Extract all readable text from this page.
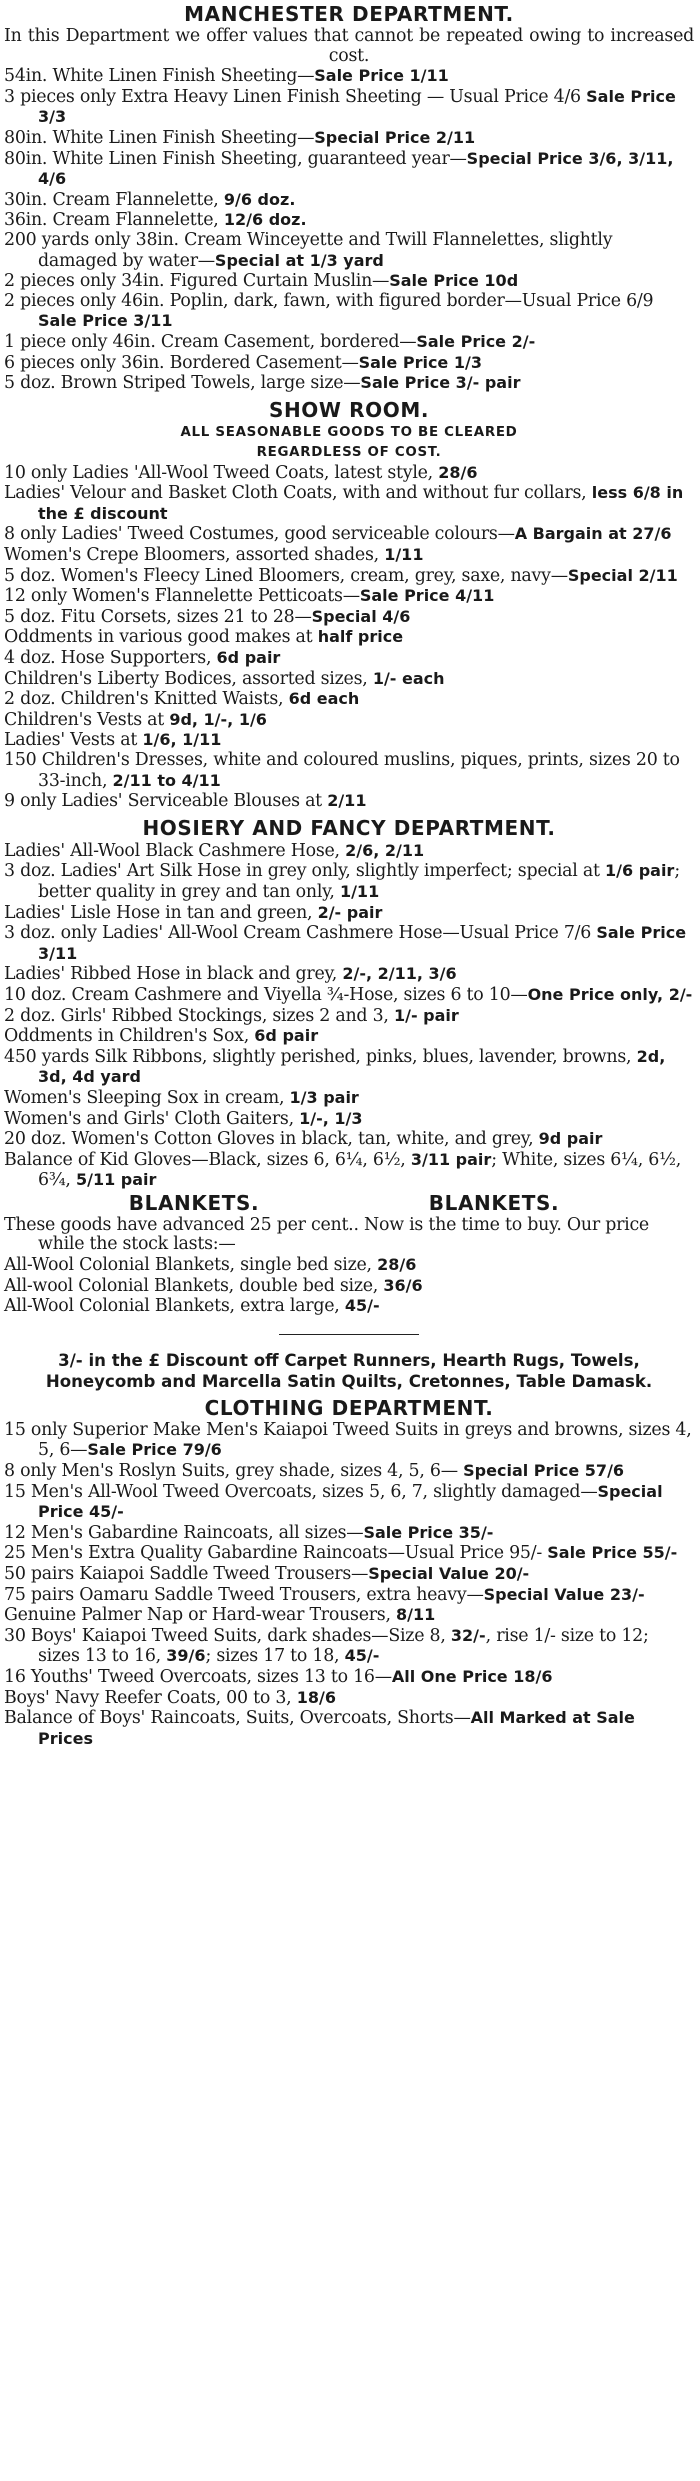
MANCHESTER DEPARTMENT.
In this Department we offer values that cannot be repeated owing to increased cost.
54in. White Linen Finish Sheeting—Sale Price 1/11
3 pieces only Extra Heavy Linen Finish Sheeting — Usual Price 4/6 Sale Price 3/3
80in. White Linen Finish Sheeting—Special Price 2/11
80in. White Linen Finish Sheeting, guaranteed year—Special Price 3/6, 3/11, 4/6
30in. Cream Flannelette, 9/6 doz.
36in. Cream Flannelette, 12/6 doz.
200 yards only 38in. Cream Winceyette and Twill Flannelettes, slightly damaged by water—Special at 1/3 yard
2 pieces only 34in. Figured Curtain Muslin—Sale Price 10d
2 pieces only 46in. Poplin, dark, fawn, with figured border—Usual Price 6/9 Sale Price 3/11
1 piece only 46in. Cream Casement, bordered—Sale Price 2/-
6 pieces only 36in. Bordered Casement—Sale Price 1/3
5 doz. Brown Striped Towels, large size—Sale Price 3/- pair
SHOW ROOM.
ALL SEASONABLE GOODS TO BE CLEARED
REGARDLESS OF COST.
10 only Ladies 'All-Wool Tweed Coats, latest style, 28/6
Ladies' Velour and Basket Cloth Coats, with and without fur collars, less 6/8 in the £ discount
8 only Ladies' Tweed Costumes, good serviceable colours—A Bargain at 27/6
Women's Crepe Bloomers, assorted shades, 1/11
5 doz. Women's Fleecy Lined Bloomers, cream, grey, saxe, navy—Special 2/11
12 only Women's Flannelette Petticoats—Sale Price 4/11
5 doz. Fitu Corsets, sizes 21 to 28—Special 4/6
Oddments in various good makes at half price
4 doz. Hose Supporters, 6d pair
Children's Liberty Bodices, assorted sizes, 1/- each
2 doz. Children's Knitted Waists, 6d each
Children's Vests at 9d, 1/-, 1/6
Ladies' Vests at 1/6, 1/11
150 Children's Dresses, white and coloured muslins, piques, prints, sizes 20 to 33-inch, 2/11 to 4/11
9 only Ladies' Serviceable Blouses at 2/11
HOSIERY AND FANCY DEPARTMENT.
Ladies' All-Wool Black Cashmere Hose, 2/6, 2/11
3 doz. Ladies' Art Silk Hose in grey only, slightly imperfect; special at 1/6 pair; better quality in grey and tan only, 1/11
Ladies' Lisle Hose in tan and green, 2/- pair
3 doz. only Ladies' All-Wool Cream Cashmere Hose—Usual Price 7/6 Sale Price 3/11
Ladies' Ribbed Hose in black and grey, 2/-, 2/11, 3/6
10 doz. Cream Cashmere and Viyella ¾-Hose, sizes 6 to 10—One Price only, 2/-
2 doz. Girls' Ribbed Stockings, sizes 2 and 3, 1/- pair
Oddments in Children's Sox, 6d pair
450 yards Silk Ribbons, slightly perished, pinks, blues, lavender, browns, 2d, 3d, 4d yard
Women's Sleeping Sox in cream, 1/3 pair
Women's and Girls' Cloth Gaiters, 1/-, 1/3
20 doz. Women's Cotton Gloves in black, tan, white, and grey, 9d pair
Balance of Kid Gloves—Black, sizes 6, 6¼, 6½, 3/11 pair; White, sizes 6¼, 6½, 6¾, 5/11 pair
BLANKETS.	BLANKETS.
These goods have advanced 25 per cent.. Now is the time to buy. Our price while the stock lasts:—
All-Wool Colonial Blankets, single bed size, 28/6
All-wool Colonial Blankets, double bed size, 36/6
All-Wool Colonial Blankets, extra large, 45/-
3/- in the £ Discount off Carpet Runners, Hearth Rugs, Towels, Honeycomb and Marcella Satin Quilts, Cretonnes, Table Damask.
CLOTHING DEPARTMENT.
15 only Superior Make Men's Kaiapoi Tweed Suits in greys and browns, sizes 4, 5, 6—Sale Price 79/6
8 only Men's Roslyn Suits, grey shade, sizes 4, 5, 6— Special Price 57/6
15 Men's All-Wool Tweed Overcoats, sizes 5, 6, 7, slightly damaged—Special Price 45/-
12 Men's Gabardine Raincoats, all sizes—Sale Price 35/-
25 Men's Extra Quality Gabardine Raincoats—Usual Price 95/- Sale Price 55/-
50 pairs Kaiapoi Saddle Tweed Trousers—Special Value 20/-
75 pairs Oamaru Saddle Tweed Trousers, extra heavy—Special Value 23/-
Genuine Palmer Nap or Hard-wear Trousers, 8/11
30 Boys' Kaiapoi Tweed Suits, dark shades—Size 8, 32/-, rise 1/- size to 12; sizes 13 to 16, 39/6; sizes 17 to 18, 45/-
16 Youths' Tweed Overcoats, sizes 13 to 16—All One Price 18/6
Boys' Navy Reefer Coats, 00 to 3, 18/6
Balance of Boys' Raincoats, Suits, Overcoats, Shorts—All Marked at Sale Prices
